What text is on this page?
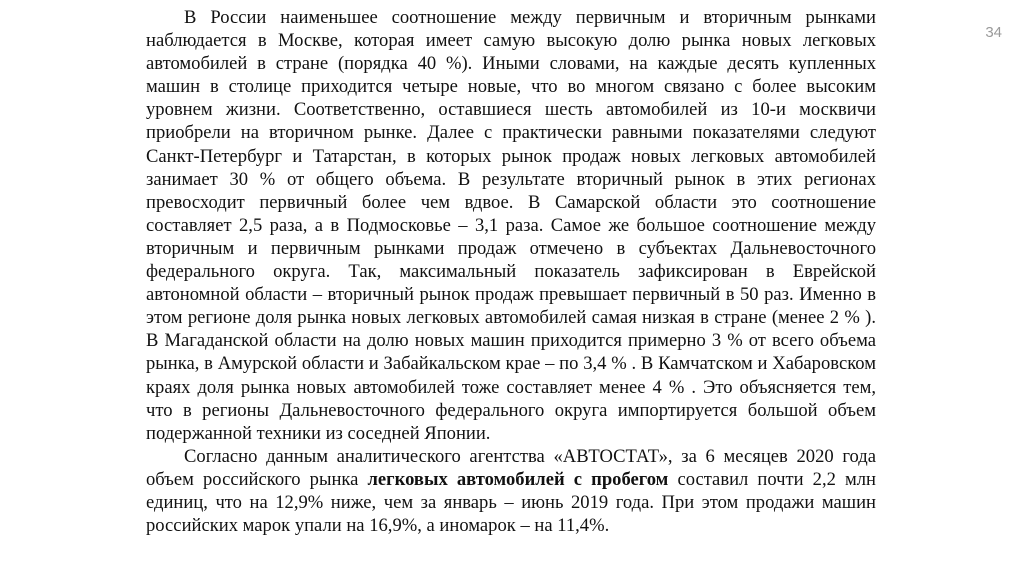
34

В России наименьшее соотношение между первичным и вторичным рынками наблюдается в Москве, которая имеет самую высокую долю рынка новых легковых автомобилей в стране (порядка 40 %). Иными словами, на каждые десять купленных машин в столице приходится четыре новые, что во многом связано с более высоким уровнем жизни. Соответственно, оставшиеся шесть автомобилей из 10-и москвичи приобрели на вторичном рынке. Далее с практически равными показателями следуют Санкт-Петербург и Татарстан, в которых рынок продаж новых легковых автомобилей занимает 30 % от общего объема. В результате вторичный рынок в этих регионах превосходит первичный более чем вдвое. В Самарской области это соотношение составляет 2,5 раза, а в Подмосковье – 3,1 раза. Самое же большое соотношение между вторичным и первичным рынками продаж отмечено в субъектах Дальневосточного федерального округа. Так, максимальный показатель зафиксирован в Еврейской автономной области – вторичный рынок продаж превышает первичный в 50 раз. Именно в этом регионе доля рынка новых легковых автомобилей самая низкая в стране (менее 2 % ). В Магаданской области на долю новых машин приходится примерно 3 % от всего объема рынка, в Амурской области и Забайкальском крае – по 3,4 % . В Камчатском и Хабаровском краях доля рынка новых автомобилей тоже составляет менее 4 % . Это объясняется тем, что в регионы Дальневосточного федерального округа импортируется большой объем подержанной техники из соседней Японии.

Согласно данным аналитического агентства «АВТОСТАТ», за 6 месяцев 2020 года объем российского рынка легковых автомобилей с пробегом составил почти 2,2 млн единиц, что на 12,9% ниже, чем за январь – июнь 2019 года. При этом продажи машин российских марок упали на 16,9%, а иномарок – на 11,4%.
